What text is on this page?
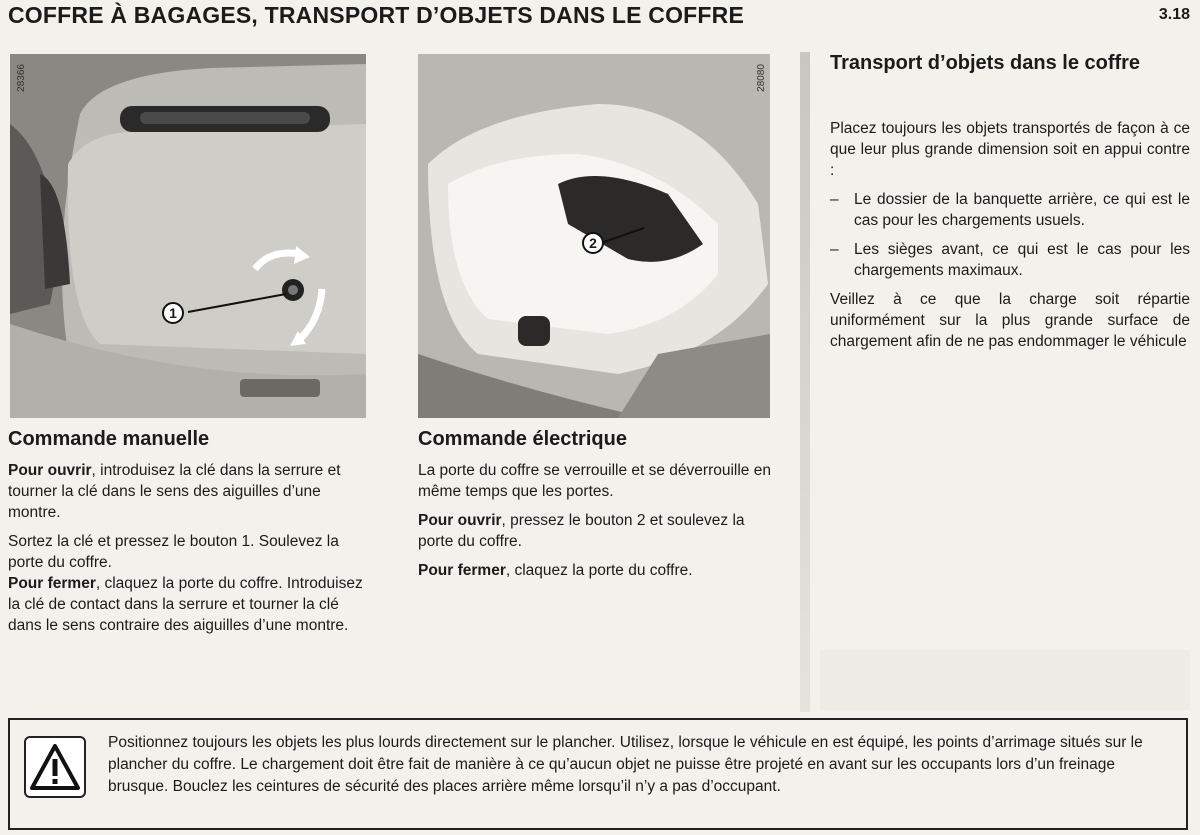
COFFRE À BAGAGES, TRANSPORT D’OBJETS DANS LE COFFRE	3.18
28366
1
28080
2
Commande manuelle

Pour ouvrir, introduisez la clé dans la serrure et tourner la clé dans le sens des aiguilles d’une montre.

Sortez la clé et pressez le bouton 1. Soulevez la porte du coffre.

Pour fermer, claquez la porte du coffre. Introduisez la clé de contact dans la serrure et tourner la clé dans le sens contraire des aiguilles d’une montre.

Commande électrique

La porte du coffre se verrouille et se déverrouille en même temps que les portes.

Pour ouvrir, pressez le bouton 2 et soulevez la porte du coffre.

Pour fermer, claquez la porte du coffre.

Transport d’objets dans le coffre

Placez toujours les objets transportés de façon à ce que leur plus grande dimension soit en appui contre :

– Le dossier de la banquette arrière, ce qui est le cas pour les chargements usuels.
– Les sièges avant, ce qui est le cas pour les chargements maximaux.

Veillez à ce que la charge soit répartie uniformément sur la plus grande surface de chargement afin de ne pas endommager le véhicule

Positionnez toujours les objets les plus lourds directement sur le plancher. Utilisez, lorsque le véhicule en est équipé, les points d’arrimage situés sur le plancher du coffre. Le chargement doit être fait de manière à ce qu’aucun objet ne puisse être projeté en avant sur les occupants lors d’un freinage brusque. Bouclez les ceintures de sécurité des places arrière même lorsqu’il n’y a pas d’occupant.
